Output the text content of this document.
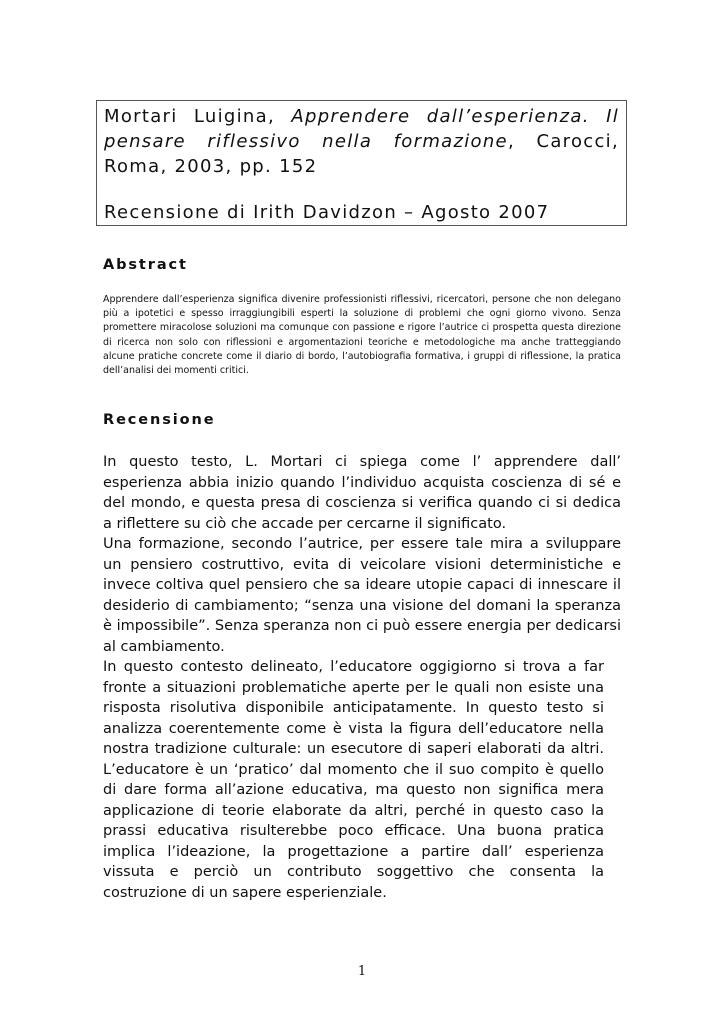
Mortari Luigina, Apprendere dall’esperienza. Il pensare riflessivo nella formazione, Carocci, Roma, 2003, pp. 152

Recensione di Irith Davidzon – Agosto 2007

Abstract

Apprendere dall’esperienza significa divenire professionisti riflessivi, ricercatori, persone che non delegano più a ipotetici e spesso irraggiungibili esperti la soluzione di problemi che ogni giorno vivono. Senza promettere miracolose soluzioni ma comunque con passione e rigore l’autrice ci prospetta questa direzione di ricerca non solo con riflessioni e argomentazioni teoriche e metodologiche ma anche tratteggiando alcune pratiche concrete come il diario di bordo, l’autobiografia formativa, i gruppi di riflessione, la pratica dell’analisi dei momenti critici.

Recensione

In questo testo, L. Mortari ci spiega come l’ apprendere dall’ esperienza abbia inizio quando l’individuo acquista coscienza di sé e del mondo, e questa presa di coscienza si verifica quando ci si dedica a riflettere su ciò che accade per cercarne il significato.

Una formazione, secondo l’autrice, per essere tale mira a sviluppare un pensiero costruttivo, evita di veicolare visioni deterministiche e invece coltiva quel pensiero che sa ideare utopie capaci di innescare il desiderio di cambiamento; “senza una visione del domani la speranza è impossibile”. Senza speranza non ci può essere energia per dedicarsi al cambiamento.

In questo contesto delineato, l’educatore oggigiorno si trova a far fronte a situazioni problematiche aperte per le quali non esiste una risposta risolutiva disponibile anticipatamente. In questo testo si analizza coerentemente come è vista la figura dell’educatore nella nostra tradizione culturale: un esecutore di saperi elaborati da altri. L’educatore è un ‘pratico’ dal momento che il suo compito è quello di dare forma all’azione educativa, ma questo non significa mera applicazione di teorie elaborate da altri, perché in questo caso la prassi educativa risulterebbe poco efficace. Una buona pratica implica l’ideazione, la progettazione a partire dall’ esperienza vissuta e perciò un contributo soggettivo che consenta la costruzione di un sapere esperienziale.

1
